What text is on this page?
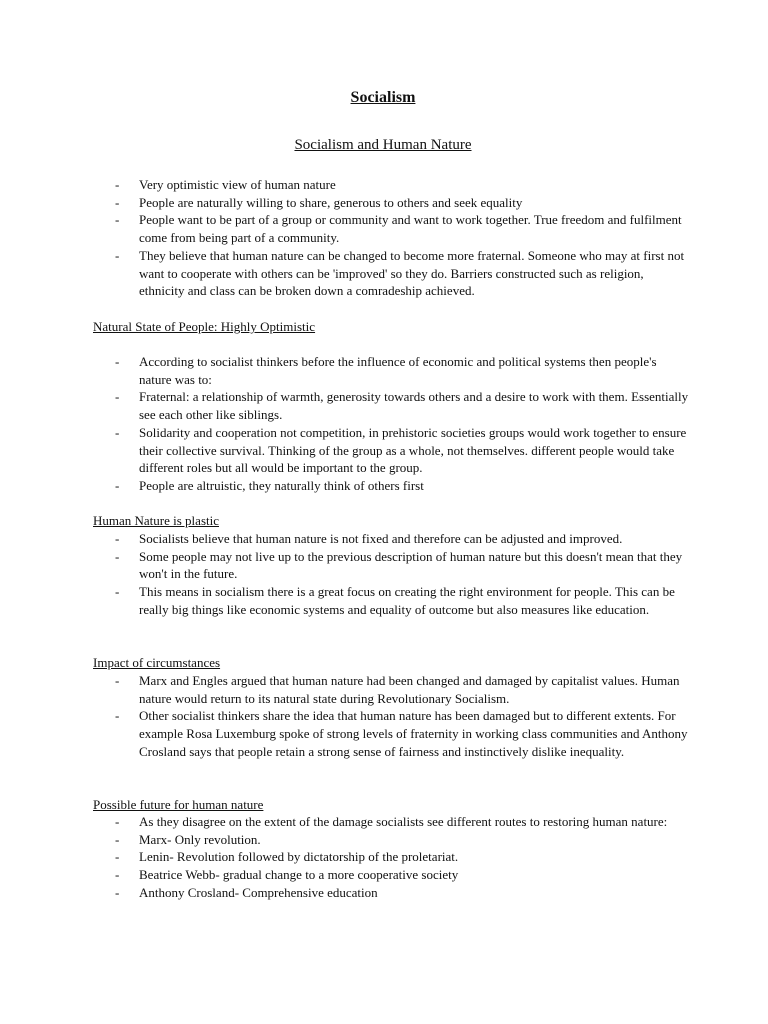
Socialism
Socialism and Human Nature
- Very optimistic view of human nature
- People are naturally willing to share, generous to others and seek equality
- People want to be part of a group or community and want to work together. True freedom and fulfilment come from being part of a community.
- They believe that human nature can be changed to become more fraternal. Someone who may at first not want to cooperate with others can be 'improved' so they do. Barriers constructed such as religion, ethnicity and class can be broken down a comradeship achieved.
Natural State of People: Highly Optimistic
- According to socialist thinkers before the influence of economic and political systems then people's nature was to:
- Fraternal: a relationship of warmth, generosity towards others and a desire to work with them. Essentially see each other like siblings.
- Solidarity and cooperation not competition, in prehistoric societies groups would work together to ensure their collective survival. Thinking of the group as a whole, not themselves. different people would take different roles but all would be important to the group.
- People are altruistic, they naturally think of others first
Human Nature is plastic
- Socialists believe that human nature is not fixed and therefore can be adjusted and improved.
- Some people may not live up to the previous description of human nature but this doesn't mean that they won't in the future.
- This means in socialism there is a great focus on creating the right environment for people. This can be really big things like economic systems and equality of outcome but also measures like education.
Impact of circumstances
- Marx and Engles argued that human nature had been changed and damaged by capitalist values. Human nature would return to its natural state during Revolutionary Socialism.
- Other socialist thinkers share the idea that human nature has been damaged but to different extents. For example Rosa Luxemburg spoke of strong levels of fraternity in working class communities and Anthony Crosland says that people retain a strong sense of fairness and instinctively dislike inequality.
Possible future for human nature
- As they disagree on the extent of the damage socialists see different routes to restoring human nature:
- Marx- Only revolution.
- Lenin- Revolution followed by dictatorship of the proletariat.
- Beatrice Webb- gradual change to a more cooperative society
- Anthony Crosland- Comprehensive education
